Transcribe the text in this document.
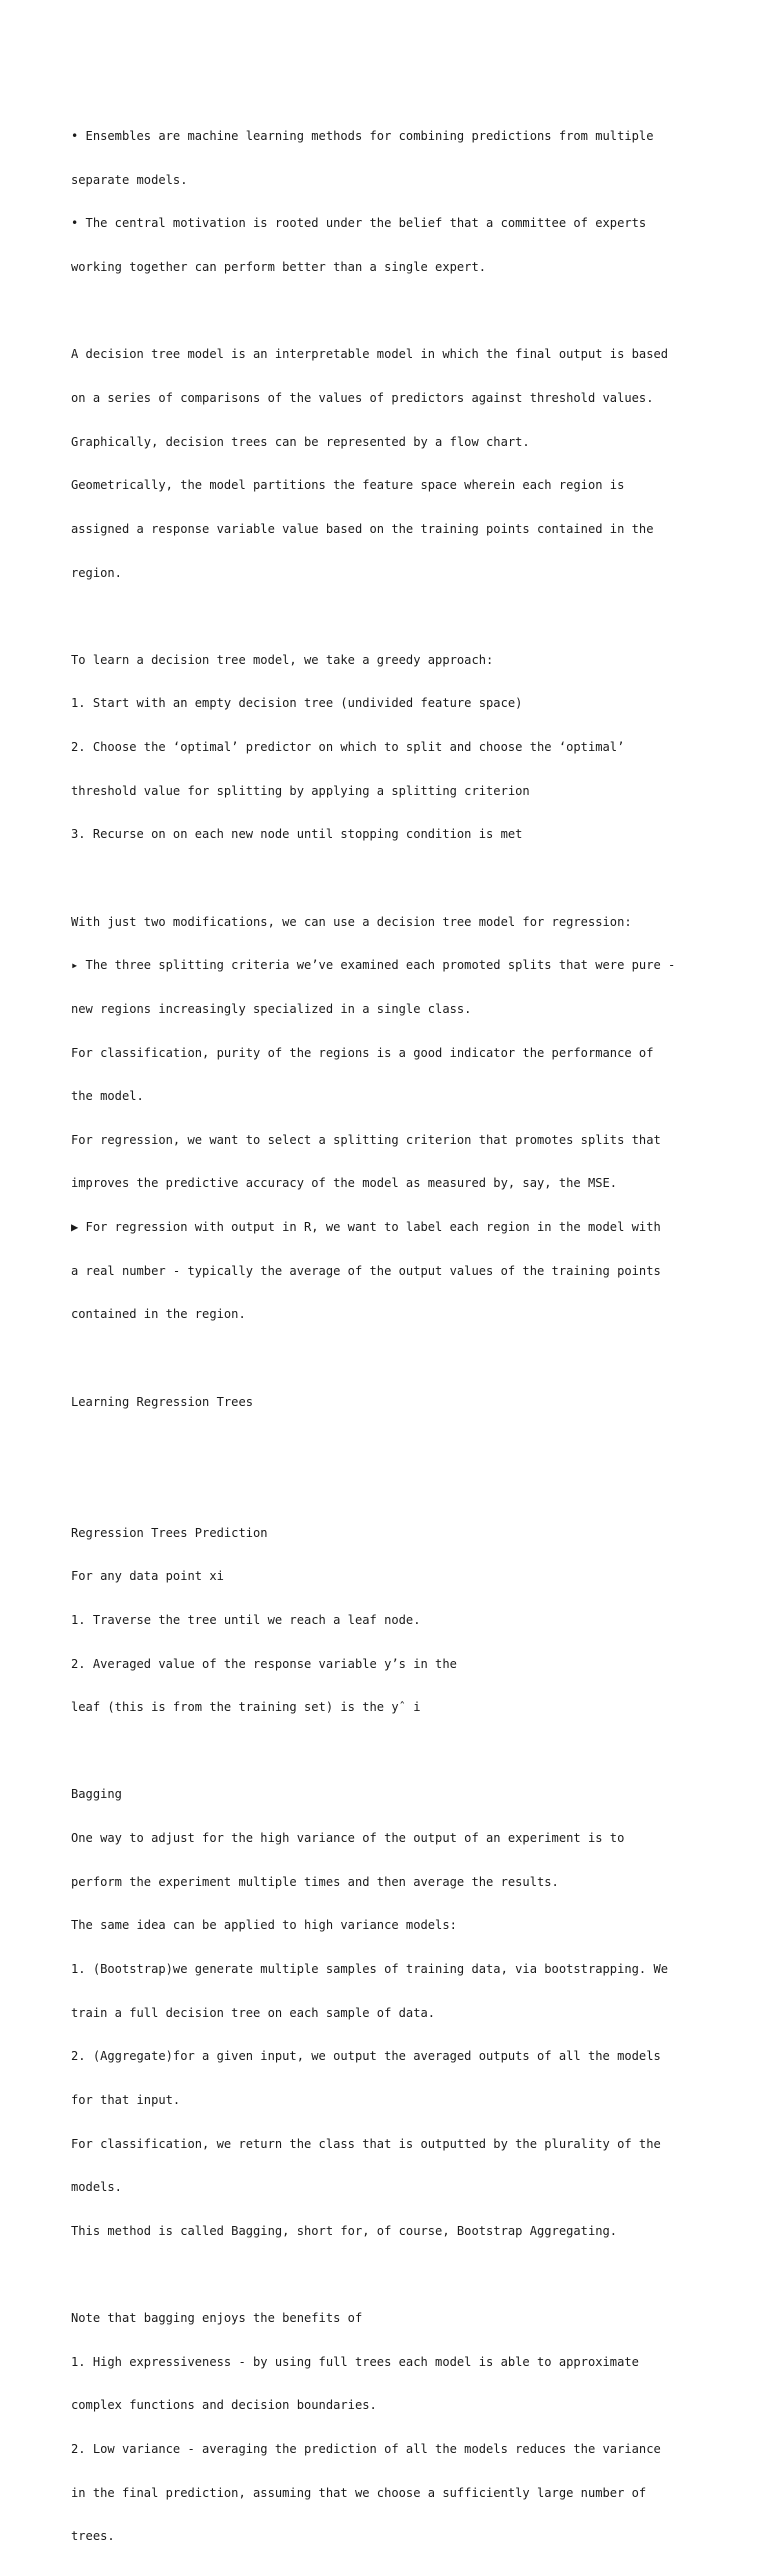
• Ensembles are machine learning methods for combining predictions from multiple

separate models.

• The central motivation is rooted under the belief that a committee of experts

working together can perform better than a single expert.

A decision tree model is an interpretable model in which the final output is based

on a series of comparisons of the values of predictors against threshold values.

Graphically, decision trees can be represented by a flow chart.

Geometrically, the model partitions the feature space wherein each region is

assigned a response variable value based on the training points contained in the

region.

To learn a decision tree model, we take a greedy approach:

1. Start with an empty decision tree (undivided feature space)

2. Choose the ‘optimal’ predictor on which to split and choose the ‘optimal’

threshold value for splitting by applying a splitting criterion

3. Recurse on on each new node until stopping condition is met

With just two modifications, we can use a decision tree model for regression:

▸ The three splitting criteria we’ve examined each promoted splits that were pure -

new regions increasingly specialized in a single class.

For classification, purity of the regions is a good indicator the performance of

the model.

For regression, we want to select a splitting criterion that promotes splits that

improves the predictive accuracy of the model as measured by, say, the MSE.

▶ For regression with output in R, we want to label each region in the model with

a real number - typically the average of the output values of the training points

contained in the region.

Learning Regression Trees

Regression Trees Prediction

For any data point xi

1. Traverse the tree until we reach a leaf node.

2. Averaged value of the response variable y’s in the

leaf (this is from the training set) is the yˆ i

Bagging

One way to adjust for the high variance of the output of an experiment is to

perform the experiment multiple times and then average the results.

The same idea can be applied to high variance models:

1. (Bootstrap)we generate multiple samples of training data, via bootstrapping. We

train a full decision tree on each sample of data.

2. (Aggregate)for a given input, we output the averaged outputs of all the models

for that input.

For classification, we return the class that is outputted by the plurality of the

models.

This method is called Bagging, short for, of course, Bootstrap Aggregating.

Note that bagging enjoys the benefits of

1. High expressiveness - by using full trees each model is able to approximate

complex functions and decision boundaries.

2. Low variance - averaging the prediction of all the models reduces the variance

in the final prediction, assuming that we choose a sufficiently large number of

trees.
